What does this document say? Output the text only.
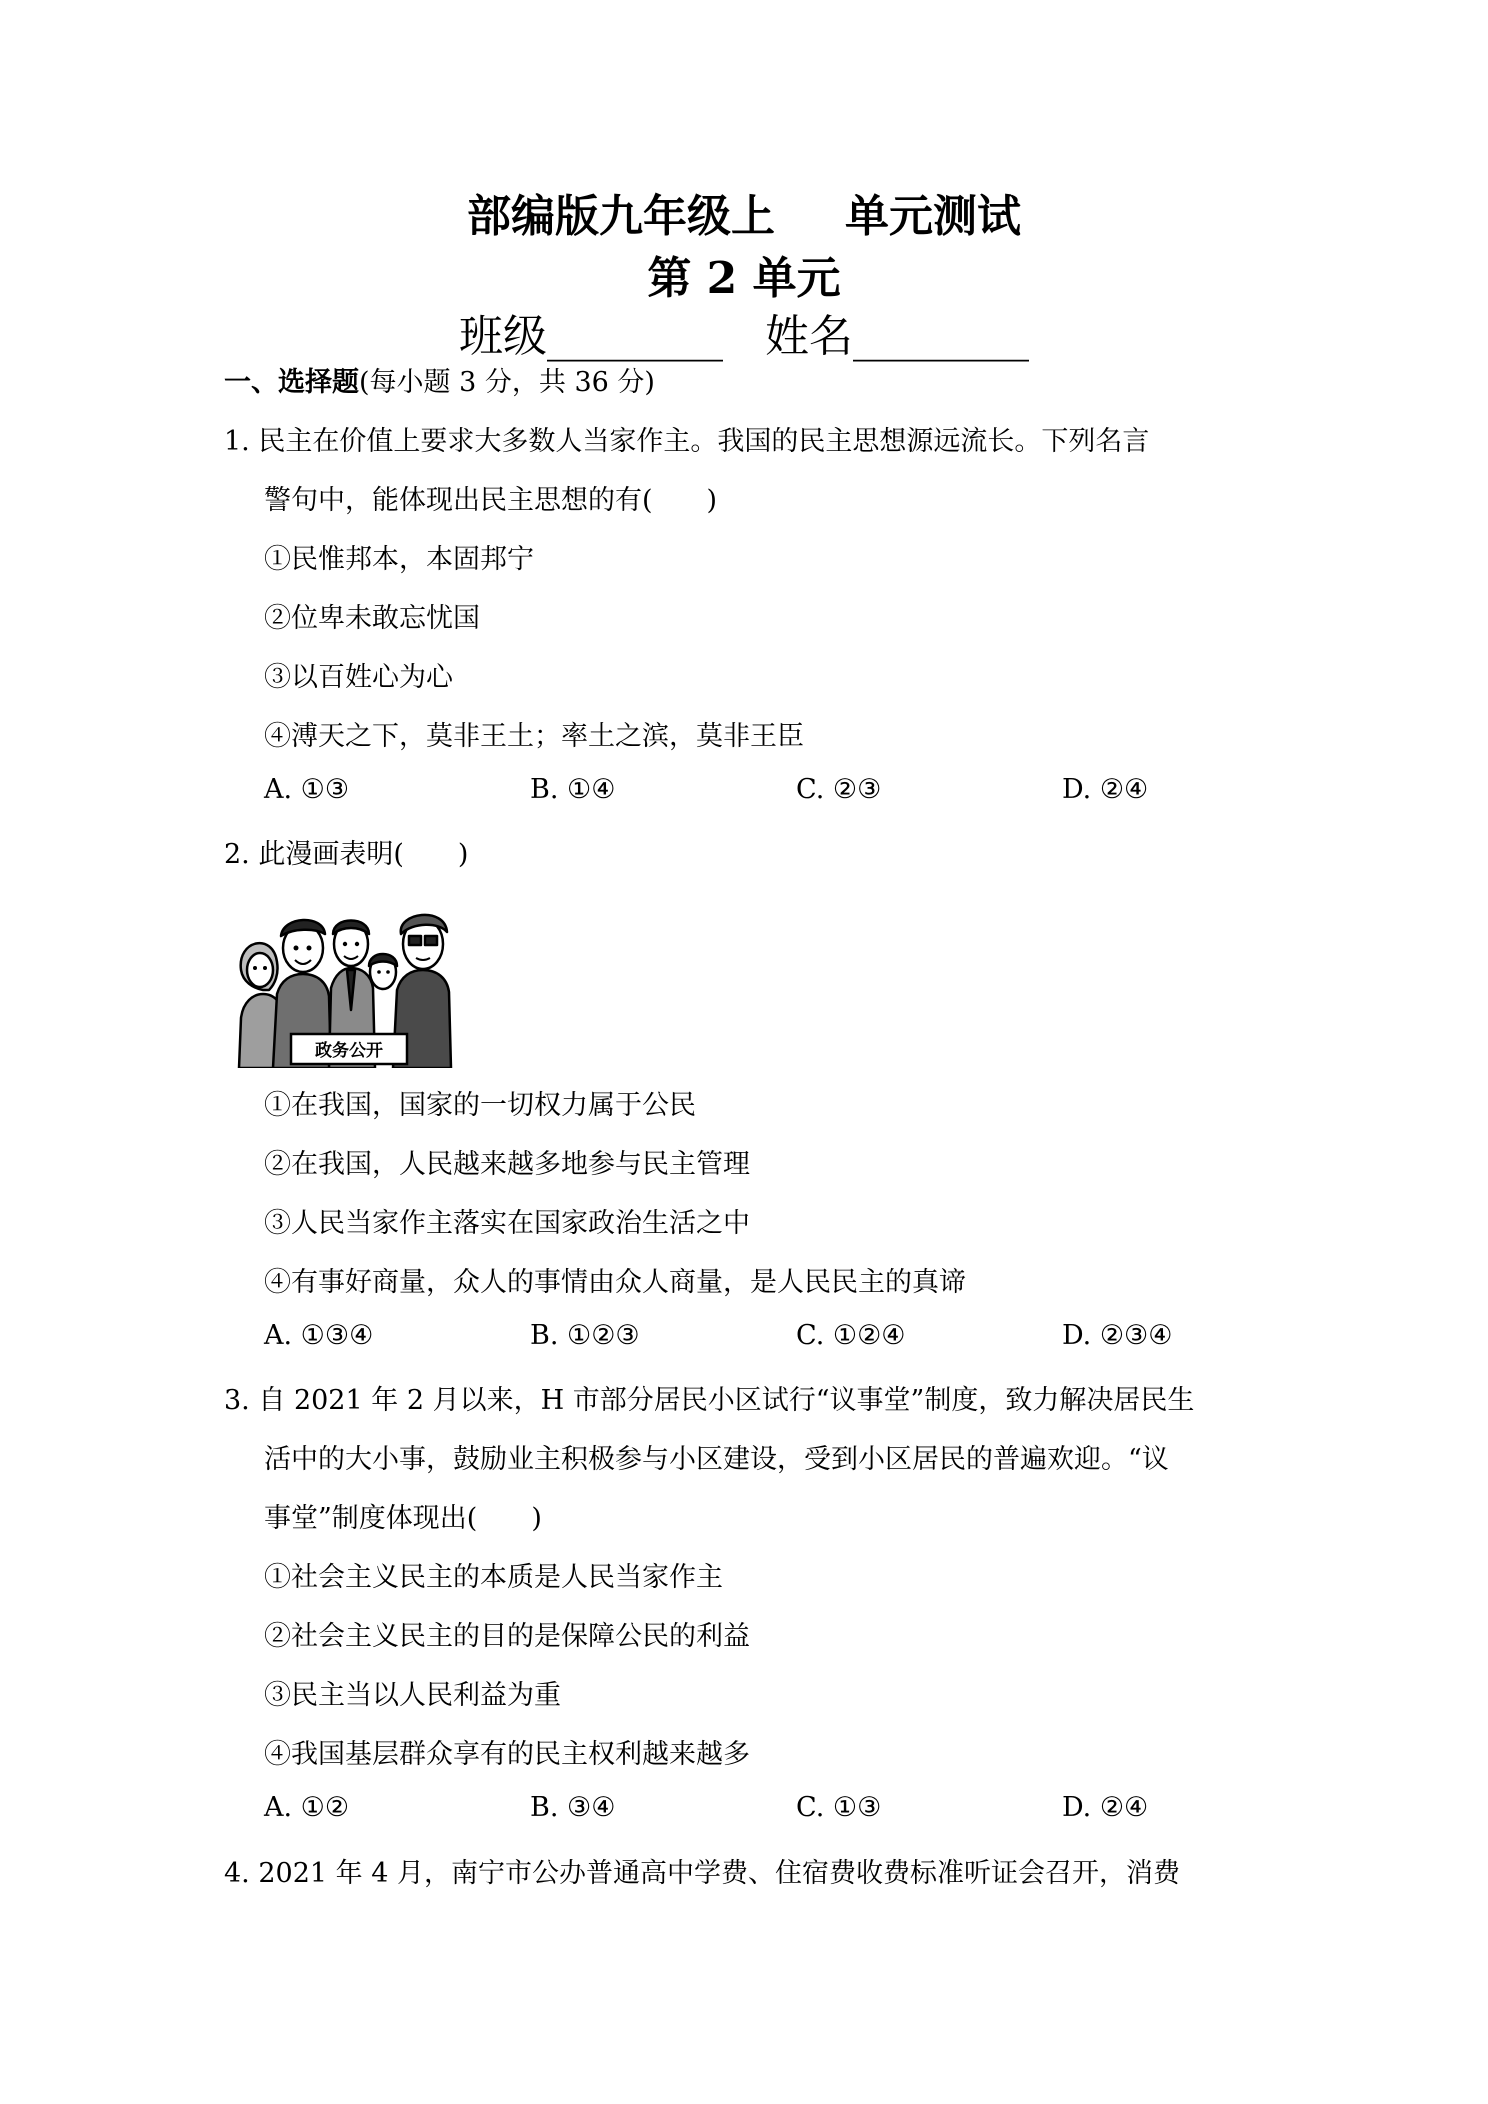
部编版九年级上 单元测试
第 2 单元
班级________ 姓名________
一、选择题(每小题 3 分，共 36 分)
1. 民主在价值上要求大多数人当家作主。我国的民主思想源远流长。下列名言
警句中，能体现出民主思想的有(　　)
①民惟邦本，本固邦宁
②位卑未敢忘忧国
③以百姓心为心
④溥天之下，莫非王土；率土之滨，莫非王臣
A. ①③	B. ①④	C. ②③	D. ②④
2. 此漫画表明(　　)
政务公开
①在我国，国家的一切权力属于公民
②在我国，人民越来越多地参与民主管理
③人民当家作主落实在国家政治生活之中
④有事好商量，众人的事情由众人商量，是人民民主的真谛
A. ①③④	B. ①②③	C. ①②④	D. ②③④
3. 自 2021 年 2 月以来，H 市部分居民小区试行“议事堂”制度，致力解决居民生
活中的大小事，鼓励业主积极参与小区建设，受到小区居民的普遍欢迎。“议
事堂”制度体现出(　　)
①社会主义民主的本质是人民当家作主
②社会主义民主的目的是保障公民的利益
③民主当以人民利益为重
④我国基层群众享有的民主权利越来越多
A. ①②	B. ③④	C. ①③	D. ②④
4. 2021 年 4 月，南宁市公办普通高中学费、住宿费收费标准听证会召开，消费
